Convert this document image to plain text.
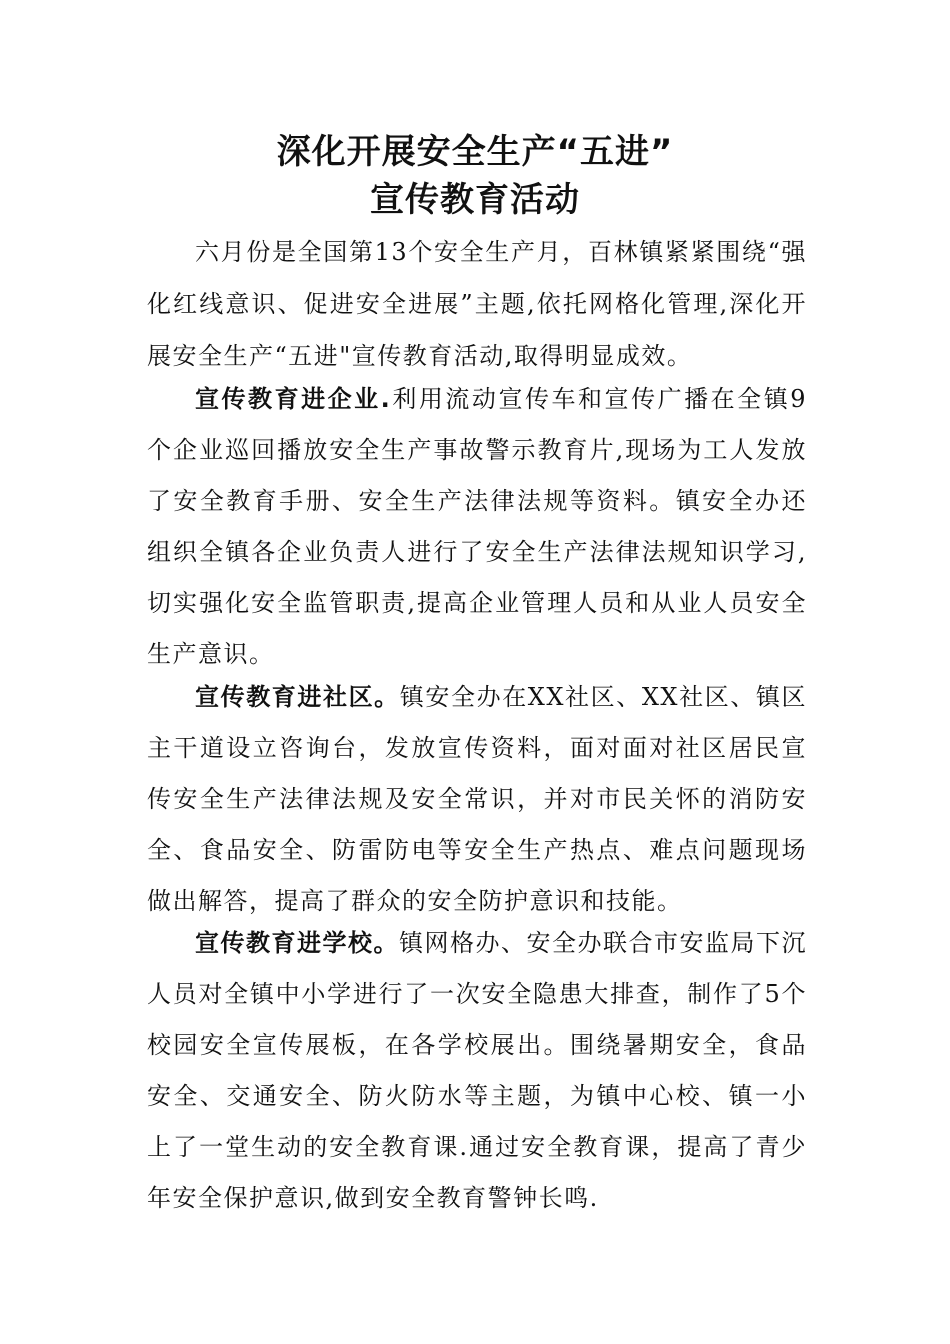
深化开展安全生产“五进”
宣传教育活动

六月份是全国第13个安全生产月，百林镇紧紧围绕“强化红线意识、促进安全进展”主题,依托网格化管理,深化开展安全生产“五进"宣传教育活动,取得明显成效。

宣传教育进企业.利用流动宣传车和宣传广播在全镇9个企业巡回播放安全生产事故警示教育片,现场为工人发放了安全教育手册、安全生产法律法规等资料。镇安全办还组织全镇各企业负责人进行了安全生产法律法规知识学习,切实强化安全监管职责,提高企业管理人员和从业人员安全生产意识。

宣传教育进社区。镇安全办在XX社区、XX社区、镇区主干道设立咨询台，发放宣传资料，面对面对社区居民宣传安全生产法律法规及安全常识，并对市民关怀的消防安全、食品安全、防雷防电等安全生产热点、难点问题现场做出解答，提高了群众的安全防护意识和技能。

宣传教育进学校。镇网格办、安全办联合市安监局下沉人员对全镇中小学进行了一次安全隐患大排查，制作了5个校园安全宣传展板，在各学校展出。围绕暑期安全，食品安全、交通安全、防火防水等主题，为镇中心校、镇一小上了一堂生动的安全教育课.通过安全教育课，提高了青少年安全保护意识,做到安全教育警钟长鸣.
